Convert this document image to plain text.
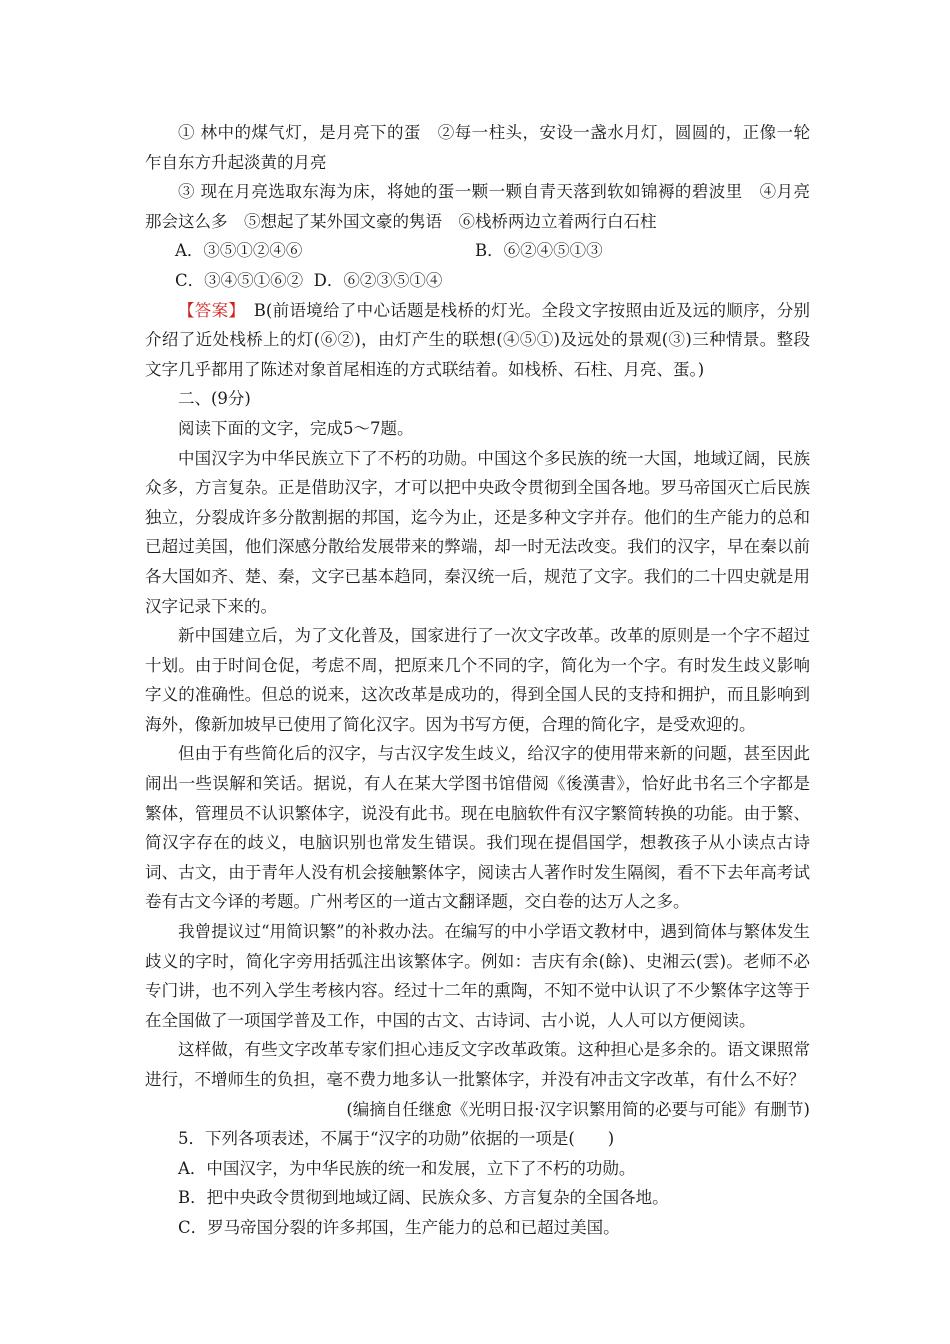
① 林中的煤气灯，是月亮下的蛋　②每一柱头，安设一盏水月灯，圆圆的，正像一轮乍自东方升起淡黄的月亮

③ 现在月亮选取东海为床，将她的蛋一颗一颗自青天落到软如锦褥的碧波里　④月亮那会这么多　⑤想起了某外国文豪的隽语　⑥栈桥两边立着两行白石柱

A．③⑤①②④⑥	B．⑥②④⑤①③
C．③④⑤①⑥② D．⑥②③⑤①④

【答案】　B(前语境给了中心话题是栈桥的灯光。全段文字按照由近及远的顺序，分别介绍了近处栈桥上的灯(⑥②)，由灯产生的联想(④⑤①)及远处的景观(③)三种情景。整段文字几乎都用了陈述对象首尾相连的方式联结着。如栈桥、石柱、月亮、蛋。)

二、(9分)

阅读下面的文字，完成5～7题。

中国汉字为中华民族立下了不朽的功勋。中国这个多民族的统一大国，地域辽阔，民族众多，方言复杂。正是借助汉字，才可以把中央政令贯彻到全国各地。罗马帝国灭亡后民族独立，分裂成许多分散割据的邦国，迄今为止，还是多种文字并存。他们的生产能力的总和已超过美国，他们深感分散给发展带来的弊端，却一时无法改变。我们的汉字，早在秦以前各大国如齐、楚、秦，文字已基本趋同，秦汉统一后，规范了文字。我们的二十四史就是用汉字记录下来的。

新中国建立后，为了文化普及，国家进行了一次文字改革。改革的原则是一个字不超过十划。由于时间仓促，考虑不周，把原来几个不同的字，简化为一个字。有时发生歧义影响字义的准确性。但总的说来，这次改革是成功的，得到全国人民的支持和拥护，而且影响到海外，像新加坡早已使用了简化汉字。因为书写方便，合理的简化字，是受欢迎的。

但由于有些简化后的汉字，与古汉字发生歧义，给汉字的使用带来新的问题，甚至因此闹出一些误解和笑话。据说，有人在某大学图书馆借阅《後漢書》，恰好此书名三个字都是繁体，管理员不认识繁体字，说没有此书。现在电脑软件有汉字繁简转换的功能。由于繁、简汉字存在的歧义，电脑识别也常发生错误。我们现在提倡国学，想教孩子从小读点古诗词、古文，由于青年人没有机会接触繁体字，阅读古人著作时发生隔阂，看不下去年高考试卷有古文今译的考题。广州考区的一道古文翻译题，交白卷的达万人之多。

我曾提议过“用简识繁”的补救办法。在编写的中小学语文教材中，遇到简体与繁体发生歧义的字时，简化字旁用括弧注出该繁体字。例如：吉庆有余(餘)、史湘云(雲)。老师不必专门讲，也不列入学生考核内容。经过十二年的熏陶，不知不觉中认识了不少繁体字这等于在全国做了一项国学普及工作，中国的古文、古诗词、古小说，人人可以方便阅读。

这样做，有些文字改革专家们担心违反文字改革政策。这种担心是多余的。语文课照常进行，不增师生的负担，毫不费力地多认一批繁体字，并没有冲击文字改革，有什么不好？

(编摘自任继愈《光明日报·汉字识繁用简的必要与可能》有删节)

5．下列各项表述，不属于“汉字的功勋”依据的一项是(　　)

A．中国汉字，为中华民族的统一和发展，立下了不朽的功勋。

B．把中央政令贯彻到地域辽阔、民族众多、方言复杂的全国各地。

C．罗马帝国分裂的许多邦国，生产能力的总和已超过美国。
